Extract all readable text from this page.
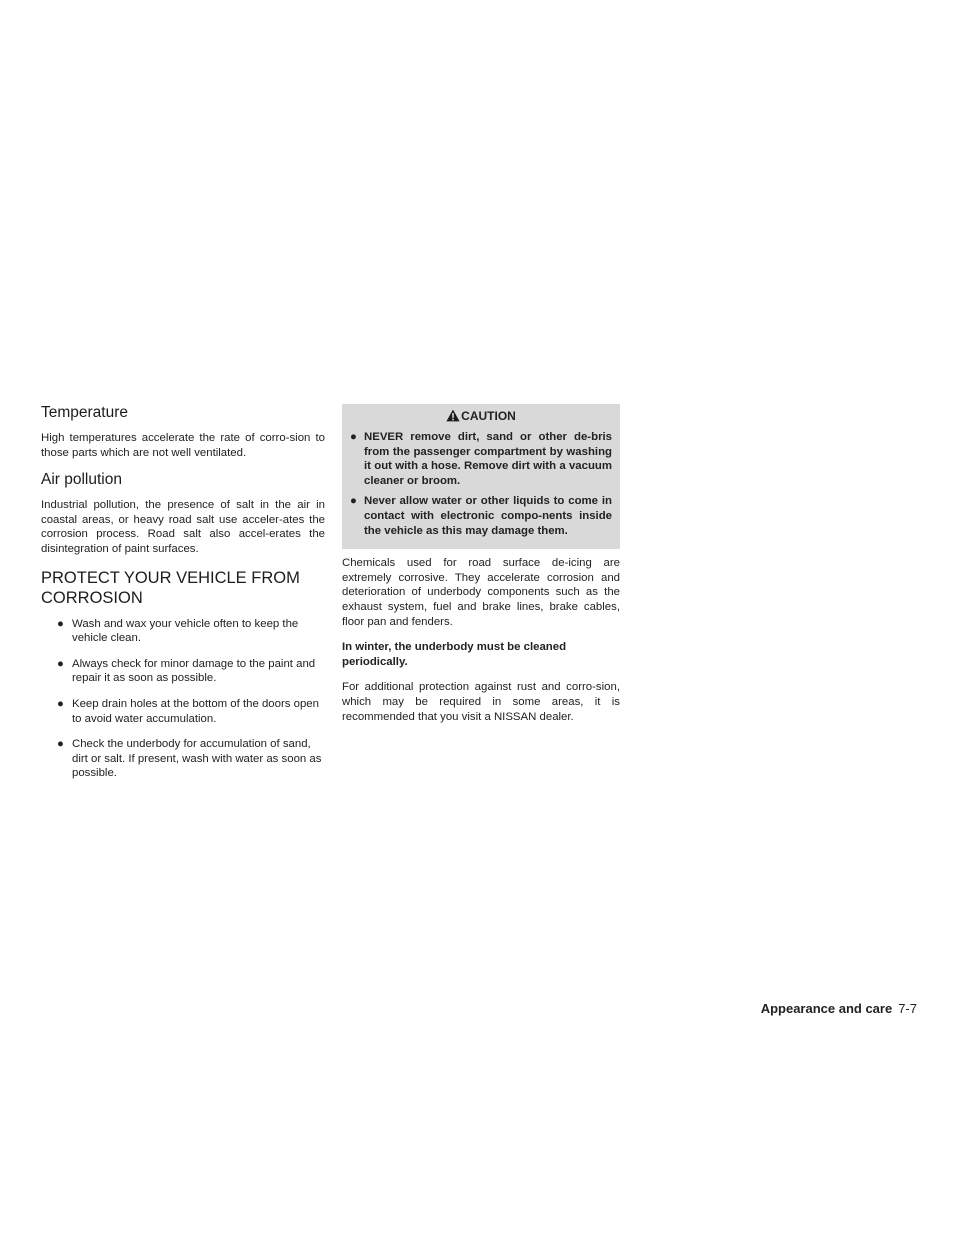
Temperature

High temperatures accelerate the rate of corro-sion to those parts which are not well ventilated.

Air pollution

Industrial pollution, the presence of salt in the air in coastal areas, or heavy road salt use acceler-ates the corrosion process. Road salt also accel-erates the disintegration of paint surfaces.

PROTECT YOUR VEHICLE FROM
CORROSION
● Wash and wax your vehicle often to keep the vehicle clean.
● Always check for minor damage to the paint and repair it as soon as possible.
● Keep drain holes at the bottom of the doors open to avoid water accumulation.
● Check the underbody for accumulation of sand, dirt or salt. If present, wash with water as soon as possible.
CAUTION
● NEVER remove dirt, sand or other de-bris from the passenger compartment by washing it out with a hose. Remove dirt with a vacuum cleaner or broom.
● Never allow water or other liquids to come in contact with electronic compo-nents inside the vehicle as this may damage them.

Chemicals used for road surface de-icing are extremely corrosive. They accelerate corrosion and deterioration of underbody components such as the exhaust system, fuel and brake lines, brake cables, floor pan and fenders.

In winter, the underbody must be cleaned periodically.

For additional protection against rust and corro-sion, which may be required in some areas, it is recommended that you visit a NISSAN dealer.

Appearance and care 7-7
